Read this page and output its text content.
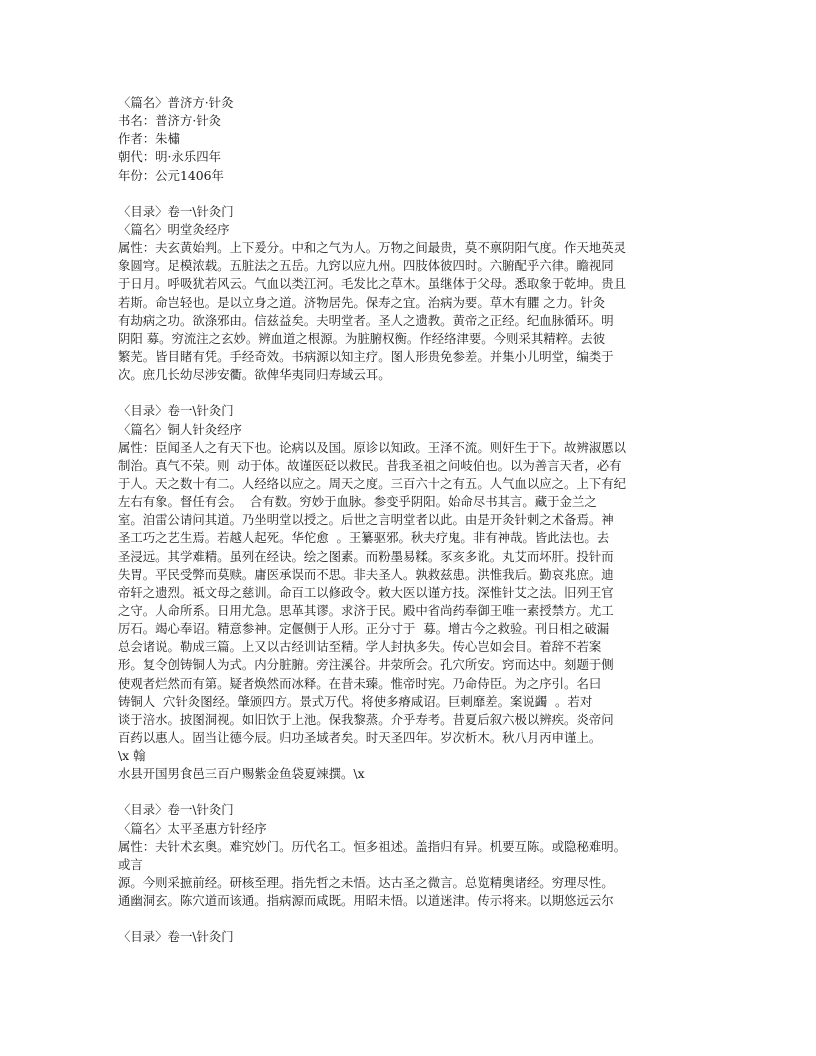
〈篇名〉普济方·针灸
书名：普济方·针灸
作者：朱橚
朝代：明·永乐四年
年份：公元1406年
〈目录〉卷一\针灸门
〈篇名〉明堂灸经序
属性：夫玄黄始判。上下爰分。中和之气为人。万物之间最贵，莫不禀阴阳气度。作天地英灵
象圆穹。足模浓载。五脏法之五岳。九窍以应九州。四肢体彼四时。六腑配乎六律。瞻视同
于日月。呼吸犹若风云。气血以类江河。毛发比之草木。虽继体于父母。悉取象于乾坤。贵且
若斯。命岂轻也。是以立身之道。济物居先。保寿之宜。治病为要。草木有臞 之力。针灸
有劫病之功。欲涤邪由。信兹益矣。夫明堂者。圣人之遗教。黄帝之正经。纪血脉循环。明
阴阳 募。穷流注之玄妙。辨血道之根源。为脏腑权衡。作经络津要。今则采其精粹。去彼
繁芜。皆目睹有凭。手经奇效。书病源以知主疗。图人形贵免参差。并集小儿明堂，编类于
次。庶几长幼尽涉安衢。欲俾华夷同归寿域云耳。
〈目录〉卷一\针灸门
〈篇名〉铜人针灸经序
属性：臣闻圣人之有天下也。论病以及国。原诊以知政。王泽不流。则奸生于下。故辨淑慝以
制治。真气不荣。则  动于体。故谨医砭以救民。昔我圣祖之问岐伯也。以为善言天者，必有
于人。天之数十有二。人经络以应之。周天之度。三百六十之有五。人气血以应之。上下有纪
左右有象。督任有会。  合有数。穷妙于血脉。参变乎阴阳。始命尽书其言。藏于金兰之
室。洎雷公请问其道。乃坐明堂以授之。后世之言明堂者以此。由是开灸针刺之术备焉。神
圣工巧之艺生焉。若越人起死。华佗愈  。王纂驱邪。秋夫疗鬼。非有神哉。皆此法也。去
圣浸远。其学难精。虽列在经诀。绘之图素。而粉墨易糅。豕亥多讹。丸艾而坏肝。投针而
失胃。平民受弊而莫赎。庸医承误而不思。非夫圣人。孰救兹患。洪惟我后。勤哀兆庶。迪
帝轩之遗烈。祗文母之慈训。命百工以修政令。敕大医以谨方技。深惟针艾之法。旧列王官
之守。人命所系。日用尤急。思革其谬。求济于民。殿中省尚药奉御王唯一素授禁方。尤工
厉石。竭心奉诏。精意参神。定偃侧于人形。正分寸于  募。增古今之救验。刊日相之破漏
总会诸说。勒成三篇。上又以古经训诂至精。学人封执多失。传心岂如会目。着辞不若案
形。复令创铸铜人为式。内分脏腑。旁注溪谷。井荥所会。孔穴所安。窍而达中。刻题于侧
使观者烂然而有第。疑者焕然而冰释。在昔未臻。惟帝时宪。乃命侍臣。为之序引。名曰
铸铜人  穴针灸图经。肇颁四方。景式万代。将使多瘠咸诏。巨刺靡差。案说蠲  。若对
谈于涪水。披图洞视。如旧饮于上池。保我黎蒸。介乎寿考。昔夏后叙六极以辨疾。炎帝问
百药以惠人。固当让德今辰。归功圣域者矣。时天圣四年。岁次析木。秋八月丙申谨上。
\x 翰
水县开国男食邑三百户赐紫金鱼袋夏竦撰。\x
〈目录〉卷一\针灸门
〈篇名〉太平圣惠方针经序
属性：夫针术玄奥。难究妙门。历代名工。恒多祖述。盖指归有异。机要互陈。或隐秘难明。
或言
源。今则采摭前经。研核至理。指先哲之未悟。达古圣之微言。总览精奥诸经。穷理尽性。
通幽洞玄。陈穴道而该通。指病源而咸既。用昭未悟。以道迷津。传示将来。以期悠远云尔
〈目录〉卷一\针灸门
